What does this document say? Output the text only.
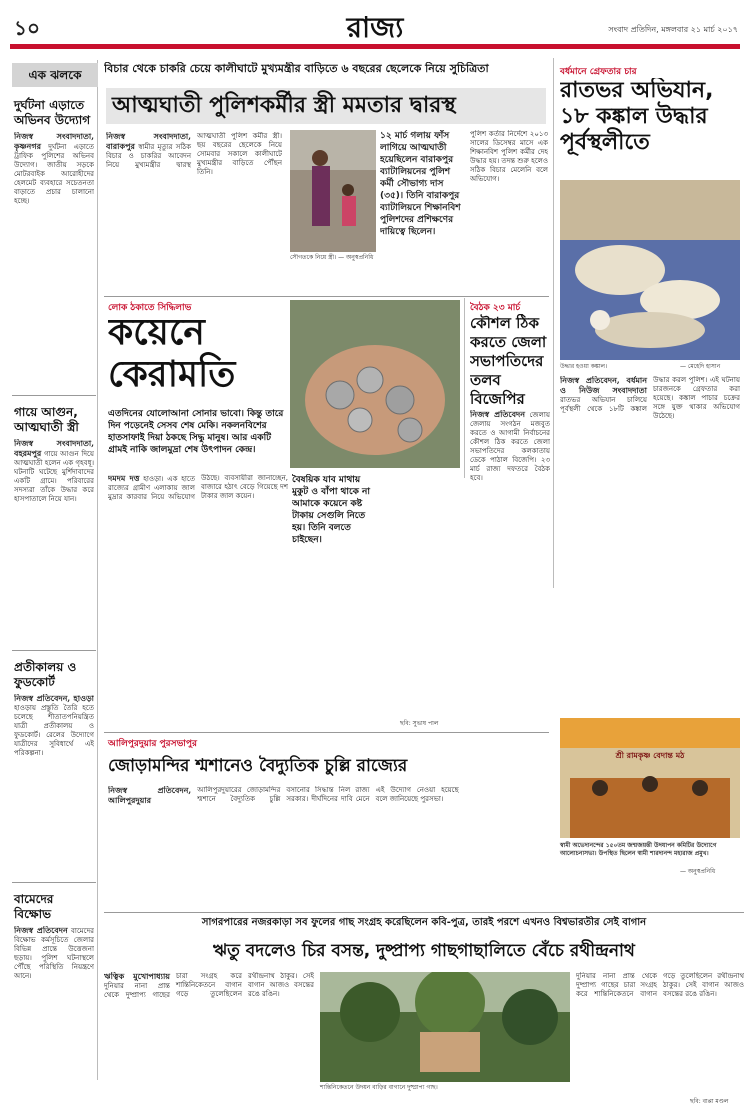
১০	রাজ্য	সংবাদ প্রতিদিন, মঙ্গলবার ২১ মার্চ ২০১৭
এক ঝলকে
দুর্ঘটনা এড়াতে অভিনব উদ্যোগ
নিজস্ব সংবাদদাতা, কৃষ্ণনগর দুর্ঘটনা এড়াতে ট্রাফিক পুলিশের অভিনব উদ্যোগ। জাতীয় সড়কে মোটরবাইক আরোহীদের হেলমেট ব্যবহারে সচেতনতা বাড়াতে প্রচার চালানো হচ্ছে।
গায়ে আগুন, আত্মঘাতী স্ত্রী
নিজস্ব সংবাদদাতা, বহরমপুর গায়ে আগুন দিয়ে আত্মঘাতী হলেন এক গৃহবধূ। ঘটনাটি ঘটেছে মুর্শিদাবাদের একটি গ্রামে। পরিবারের সদস্যরা তাঁকে উদ্ধার করে হাসপাতালে নিয়ে যান।
প্রতীকালয় ও ফুডকোর্ট
নিজস্ব প্রতিবেদন, হাওড়া হাওড়ায় প্রস্তুতি তৈরি হতে চলেছে শীতাতপনিয়ন্ত্রিত যাত্রী প্রতীকালয় ও ফুডকোর্ট। রেলের উদ্যোগে যাত্রীদের সুবিধার্থে এই পরিকল্পনা।
বামেদের বিক্ষোভ
নিজস্ব প্রতিবেদন বামেদের বিক্ষোভ কর্মসূচিতে জেলার বিভিন্ন প্রান্তে উত্তেজনা ছড়ায়। পুলিশ ঘটনাস্থলে পৌঁছে পরিস্থিতি নিয়ন্ত্রণে আনে।
বিচার থেকে চাকরি চেয়ে কালীঘাটে মুখ্যমন্ত্রীর বাড়িতে ৬ বছরের ছেলেকে নিয়ে সুচিত্রিতা
আত্মঘাতী পুলিশকর্মীর স্ত্রী মমতার দ্বারস্থ
নিজস্ব সংবাদদাতা, বারাকপুর স্বামীর মৃত্যুর সঠিক বিচার ও চাকরির আবেদন নিয়ে মুখ্যমন্ত্রীর দ্বারস্থ আত্মঘাতী পুলিশ কর্মীর স্ত্রী। ছয় বছরের ছেলেকে নিয়ে সোমবার সকালে কালীঘাটে মুখ্যমন্ত্রীর বাড়িতে পৌঁছন তিনি।
সৌগতকে নিয়ে স্ত্রী। — অনুস্বপ্রনিধি
১২ মার্চ গলায় ফাঁস লাগিয়ে আত্মঘাতী হয়েছিলেন বারাকপুর ব্যাটালিয়নের পুলিশ কর্মী সৌভাগ্য দাস (৩৫)। তিনি বারাকপুর ব্যাটালিয়নে শিক্ষানবিশ পুলিশদের প্রশিক্ষণের দায়িত্বে ছিলেন।
পুলিশ কর্তার নির্দেশে ২০১৩ সালের ডিসেম্বর মাসে এক শিক্ষানবিশ পুলিশ কর্মীর দেহ উদ্ধার হয়। তদন্ত শুরু হলেও সঠিক বিচার মেলেনি বলে অভিযোগ।
বর্ধমানে গ্রেফতার চার
রাতভর অভিযান, ১৮ কঙ্কাল উদ্ধার পূর্বস্থলীতে
উদ্ধার হওয়া কঙ্কাল।	— মেহেদি হাসান
নিজস্ব প্রতিবেদন, বর্ধমান ও নিউজ সংবাদদাতা রাতভর অভিযান চালিয়ে পূর্বস্থলী থেকে ১৮টি কঙ্কাল উদ্ধার করল পুলিশ। এই ঘটনায় চারজনকে গ্রেফতার করা হয়েছে। কঙ্কাল পাচার চক্রের সঙ্গে যুক্ত থাকার অভিযোগ উঠেছে।
লোক ঠকাতে সিদ্ধিলাভ
কয়েনে কেরামতি
এতদিনের যোলোআনা সোনার ভাবো। কিন্তু তারে দিন পড়েনেই সেসব শেষ মেকি। নকলনবিশের হাতসাফাই দিয়া ঠকছে সিদ্ধু মানুষ। আর একটি গ্রামই নাকি জালমুদ্রা শেষ উৎপাদন কেন্দ্র।
বৈঠক ২৩ মার্চ
কৌশল ঠিক করতে জেলা সভাপতিদের তলব বিজেপির
নিজস্ব প্রতিবেদন জেলায় জেলায় সংগঠন মজবুত করতে ও আগামী নির্বাচনের কৌশল ঠিক করতে জেলা সভাপতিদের কলকাতায় ডেকে পাঠাল বিজেপি। ২৩ মার্চ রাজ্য দফতরে বৈঠক হবে।
দমদম দত্ত হাওড়া। এক হাতে রাজ্যের গ্রামীণ এলাকায় জাল মুদ্রার কারবার নিয়ে অভিযোগ উঠছে। ব্যবসায়ীরা জানাচ্ছেন, বাজারে হঠাৎ বেড়ে গিয়েছে দশ টাকার জাল কয়েন।
বৈষয়িক যাব মাথায় মুকুট ও বাঁপা থাকে না আমাকে কয়েনে কষ্ট টাকায় সেগুলি নিতে হয়। তিনি বলতে চাইছেন।
ছবি: সুভাষ পাল
আলিপুরদুয়ার পুরসভাপুর
জোড়ামন্দির শ্মশানেও বৈদ্যুতিক চুল্লি রাজ্যের
নিজস্ব প্রতিবেদন, আলিপুরদুয়ার আলিপুরদুয়ারের জোড়ামন্দির শ্মশানে বৈদ্যুতিক চুল্লি বসানোর সিদ্ধান্ত নিল রাজ্য সরকার। দীর্ঘদিনের দাবি মেনে এই উদ্যোগ নেওয়া হয়েছে বলে জানিয়েছে পুরসভা।
শ্রী রামকৃষ্ণ বেদান্ত মঠ
স্বামী অভেদানন্দের ১৫০তম জন্মজয়ন্তী উদযাপন কমিটির উদ্যোগে আলোচনাসভা। উপস্থিত ছিলেন স্বামী শারদানন্দ মহারাজ প্রমুখ।
— অনুস্বপ্রনিধি
সাগরপারের নজরকাড়া সব ফুলের গাছ সংগ্রহ করেছিলেন কবি-পুত্র, তারই পরশে এখনও বিশ্বভারতীর সেই বাগান
ঋতু বদলেও চির বসন্ত, দুষ্প্রাপ্য গাছগাছালিতে বেঁচে রথীন্দ্রনাথ
ঋত্বিক মুখোপাধ্যায় দুনিয়ার নানা প্রান্ত থেকে দুষ্প্রাপ্য গাছের চারা সংগ্রহ করে শান্তিনিকেতনে বাগান গড়ে তুলেছিলেন রথীন্দ্রনাথ ঠাকুর। সেই বাগান আজও বসন্তের রঙে রঙিন।
শান্তিনিকেতনে উদয়ন বাড়ির বাগানে দুষ্প্রাপ্য গাছ।
দুনিয়ার নানা প্রান্ত থেকে দুষ্প্রাপ্য গাছের চারা সংগ্রহ করে শান্তিনিকেতনে বাগান গড়ে তুলেছিলেন রথীন্দ্রনাথ ঠাকুর। সেই বাগান আজও বসন্তের রঙে রঙিন।
ছবি: বাপ্পা মণ্ডল
